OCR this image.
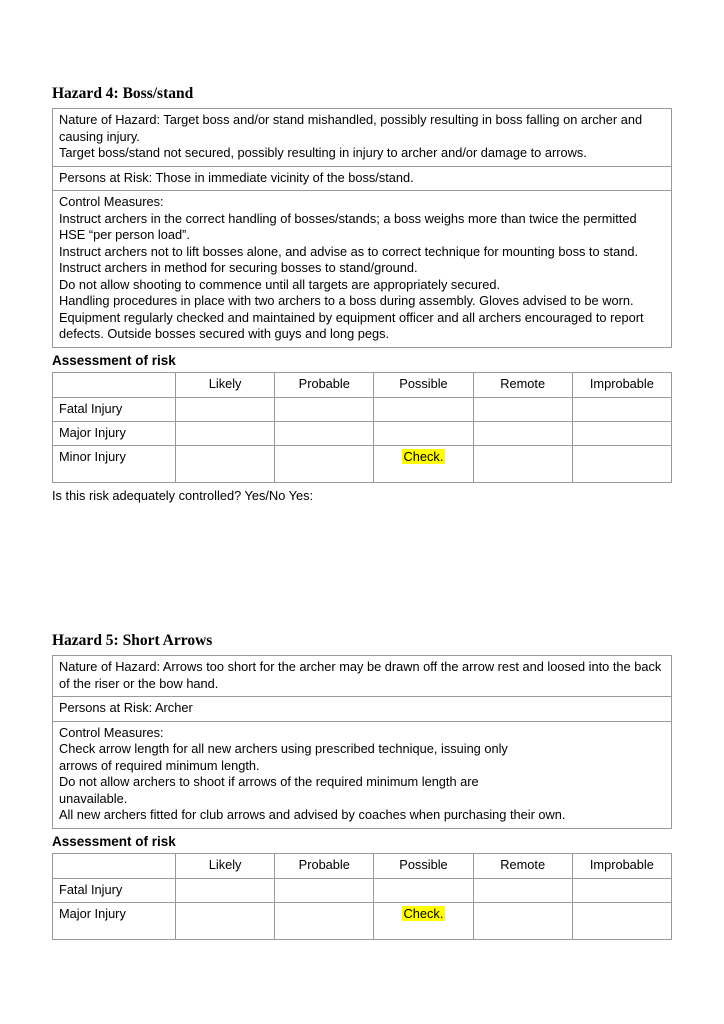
Hazard 4: Boss/stand
Nature of Hazard: Target boss and/or stand mishandled, possibly resulting in boss falling on archer and causing injury.
Target boss/stand not secured, possibly resulting in injury to archer and/or damage to arrows.

Persons at Risk: Those in immediate vicinity of the boss/stand.

Control Measures:
Instruct archers in the correct handling of bosses/stands; a boss weighs more than twice the permitted HSE “per person load”.
Instruct archers not to lift bosses alone, and advise as to correct technique for mounting boss to stand.
Instruct archers in method for securing bosses to stand/ground.
Do not allow shooting to commence until all targets are appropriately secured.
Handling procedures in place with two archers to a boss during assembly. Gloves advised to be worn.
Equipment regularly checked and maintained by equipment officer and all archers encouraged to report defects. Outside bosses secured with guys and long pegs.
Assessment of risk
	Likely	Probable	Possible	Remote	Improbable
Fatal Injury					
Major Injury					
Minor Injury			Check.		

Is this risk adequately controlled? Yes/No Yes:

Hazard 5: Short Arrows
Nature of Hazard: Arrows too short for the archer may be drawn off the arrow rest and loosed into the back of the riser or the bow hand.

Persons at Risk: Archer

Control Measures:
Check arrow length for all new archers using prescribed technique, issuing only
arrows of required minimum length.
Do not allow archers to shoot if arrows of the required minimum length are
unavailable.
All new archers fitted for club arrows and advised by coaches when purchasing their own.
Assessment of risk
	Likely	Probable	Possible	Remote	Improbable
Fatal Injury					
Major Injury			Check.		
